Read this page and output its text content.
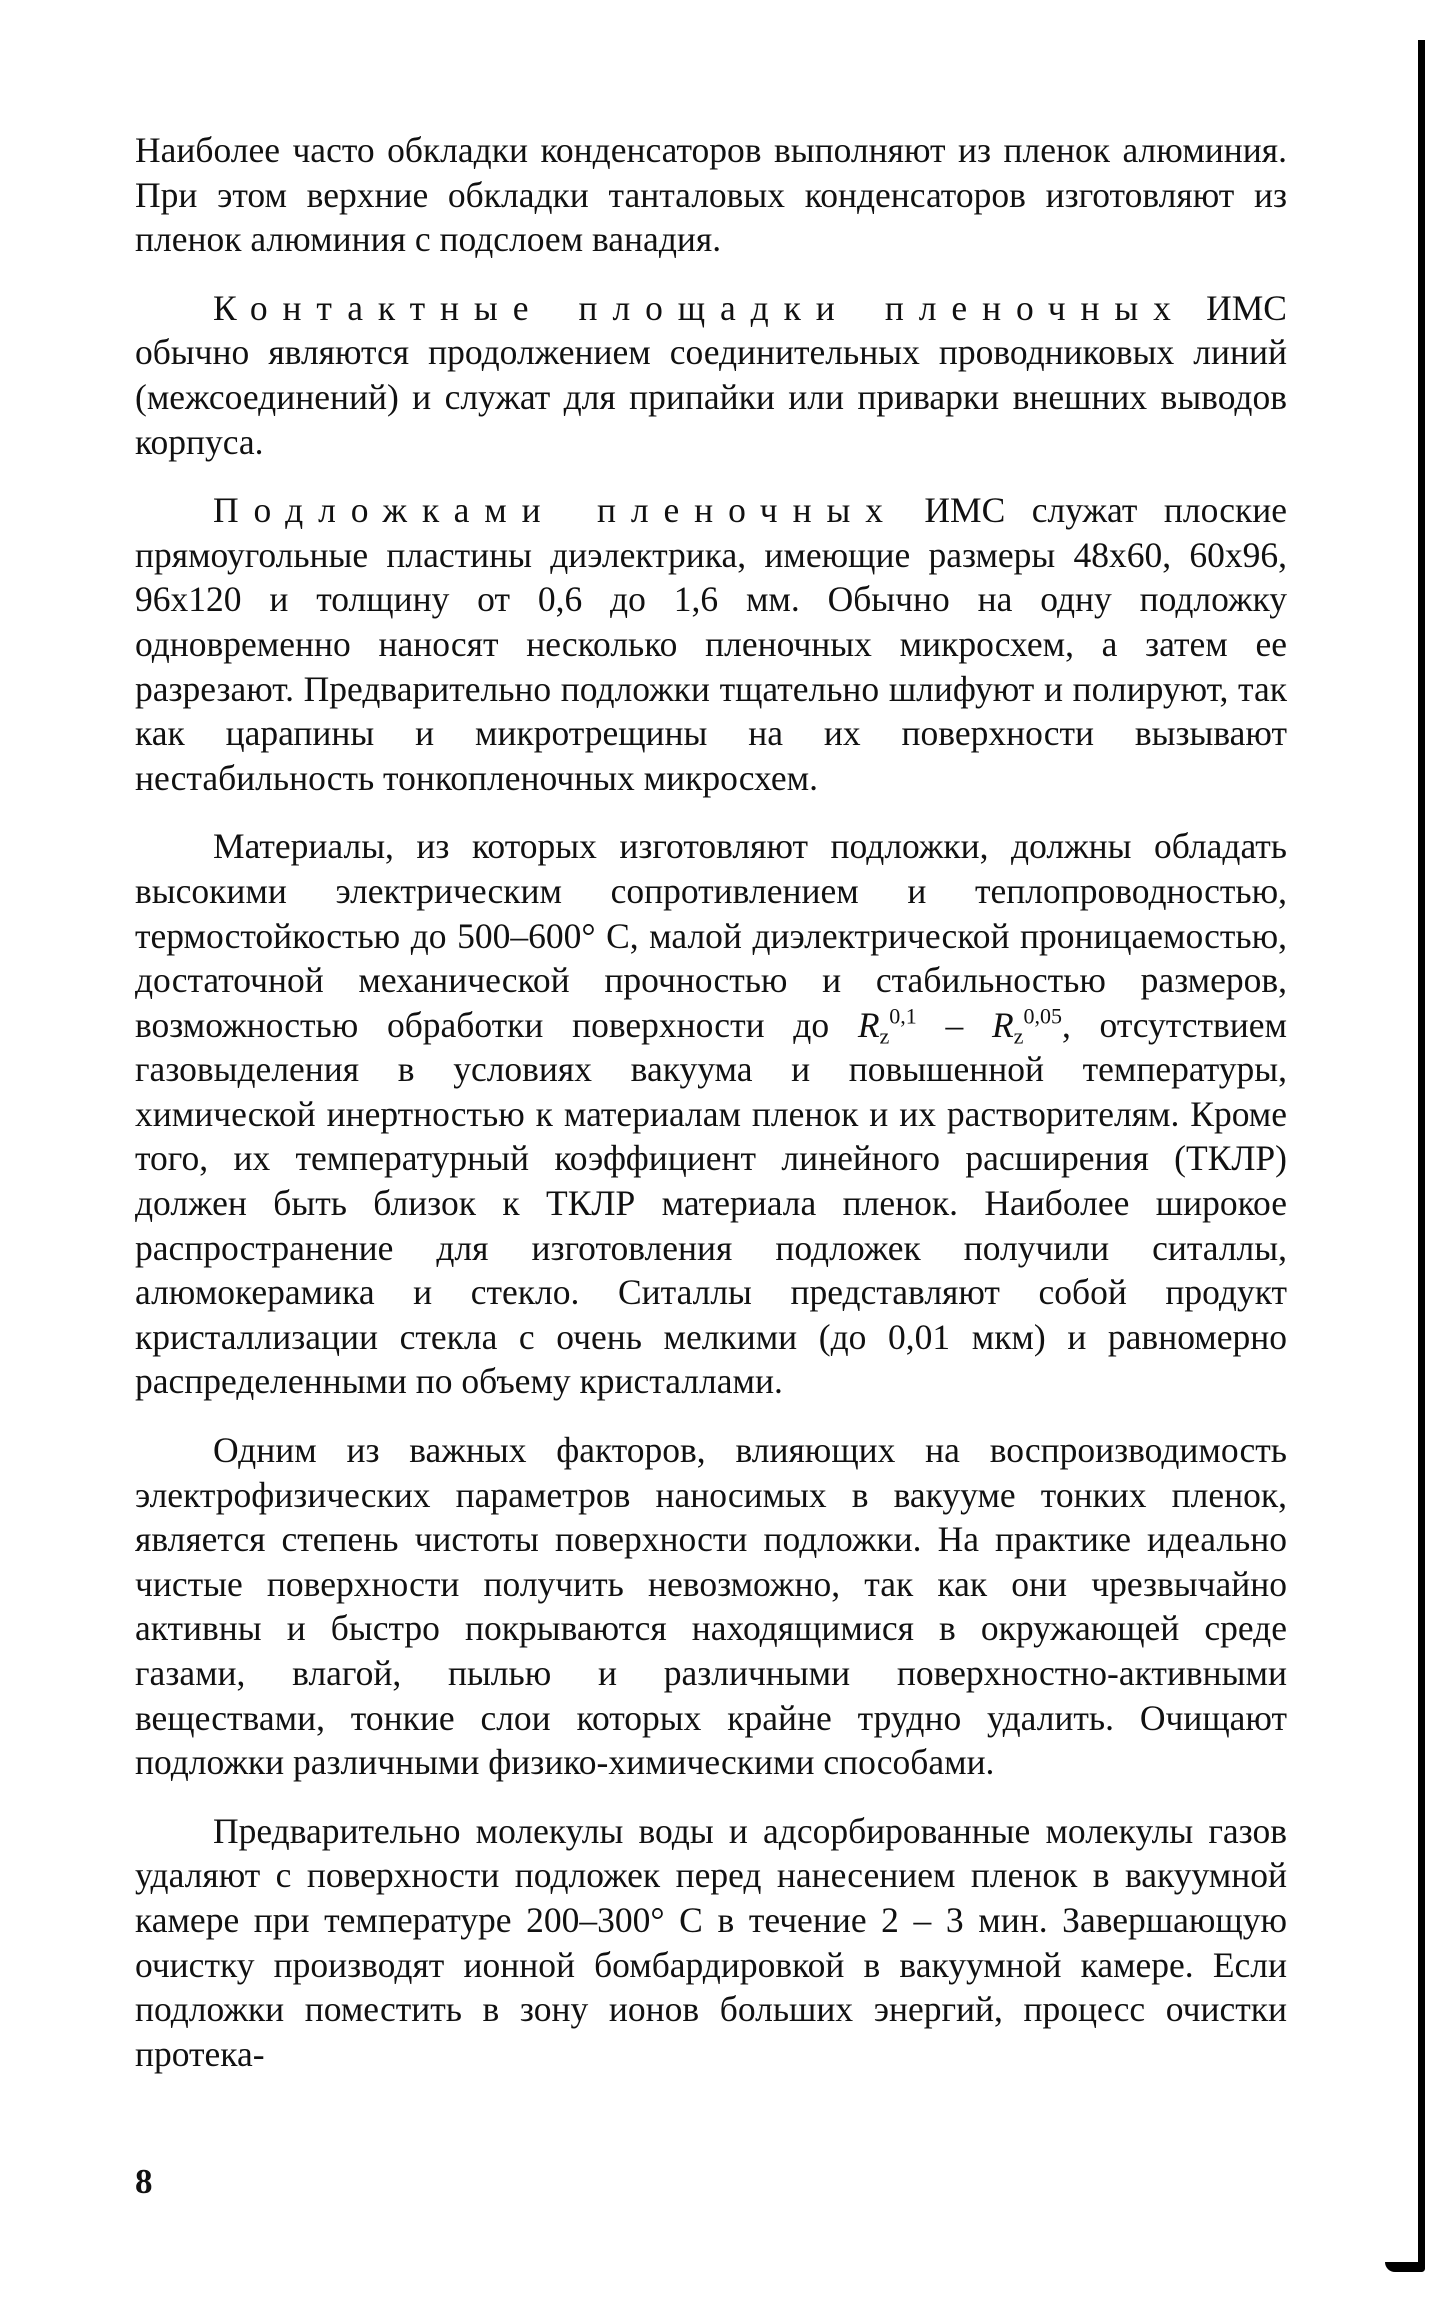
Наиболее часто обкладки конденсаторов выполняют из пленок алюминия. При этом верхние обкладки танталовых конденсаторов изготовляют из пленок алюминия с подслоем ванадия.

Контактные площадки пленочных ИМС обычно являются продолжением соединительных проводниковых линий (межсоединений) и служат для припайки или приварки внешних выводов корпуса.

Подложками пленочных ИМС служат плоские прямоугольные пластины диэлектрика, имеющие размеры 48x60, 60x96, 96x120 и толщину от 0,6 до 1,6 мм. Обычно на одну подложку одновременно наносят несколько пленочных микросхем, а затем ее разрезают. Предварительно подложки тщательно шлифуют и полируют, так как царапины и микротрещины на их поверхности вызывают нестабильность тонкопленочных микросхем.

Материалы, из которых изготовляют подложки, должны обладать высокими электрическим сопротивлением и теплопроводностью, термостойкостью до 500–600° С, малой диэлектрической проницаемостью, достаточной механической прочностью и стабильностью размеров, возможностью обработки поверхности до $R_z^{0,1} - R_z^{0,05}$, отсутствием газовыделения в условиях вакуума и повышенной температуры, химической инертностью к материалам пленок и их растворителям. Кроме того, их температурный коэффициент линейного расширения (ТКЛР) должен быть близок к ТКЛР материала пленок. Наиболее широкое распространение для изготовления подложек получили ситаллы, алюмокерамика и стекло. Ситаллы представляют собой продукт кристаллизации стекла с очень мелкими (до 0,01 мкм) и равномерно распределенными по объему кристаллами.

Одним из важных факторов, влияющих на воспроизводимость электрофизических параметров наносимых в вакууме тонких пленок, является степень чистоты поверхности подложки. На практике идеально чистые поверхности получить невозможно, так как они чрезвычайно активны и быстро покрываются находящимися в окружающей среде газами, влагой, пылью и различными поверхностно-активными веществами, тонкие слои которых крайне трудно удалить. Очищают подложки различными физико-химическими способами.

Предварительно молекулы воды и адсорбированные молекулы газов удаляют с поверхности подложек перед нанесением пленок в вакуумной камере при температуре 200–300° С в течение 2 – 3 мин. Завершающую очистку производят ионной бомбардировкой в вакуумной камере. Если подложки поместить в зону ионов больших энергий, процесс очистки протека-

8
